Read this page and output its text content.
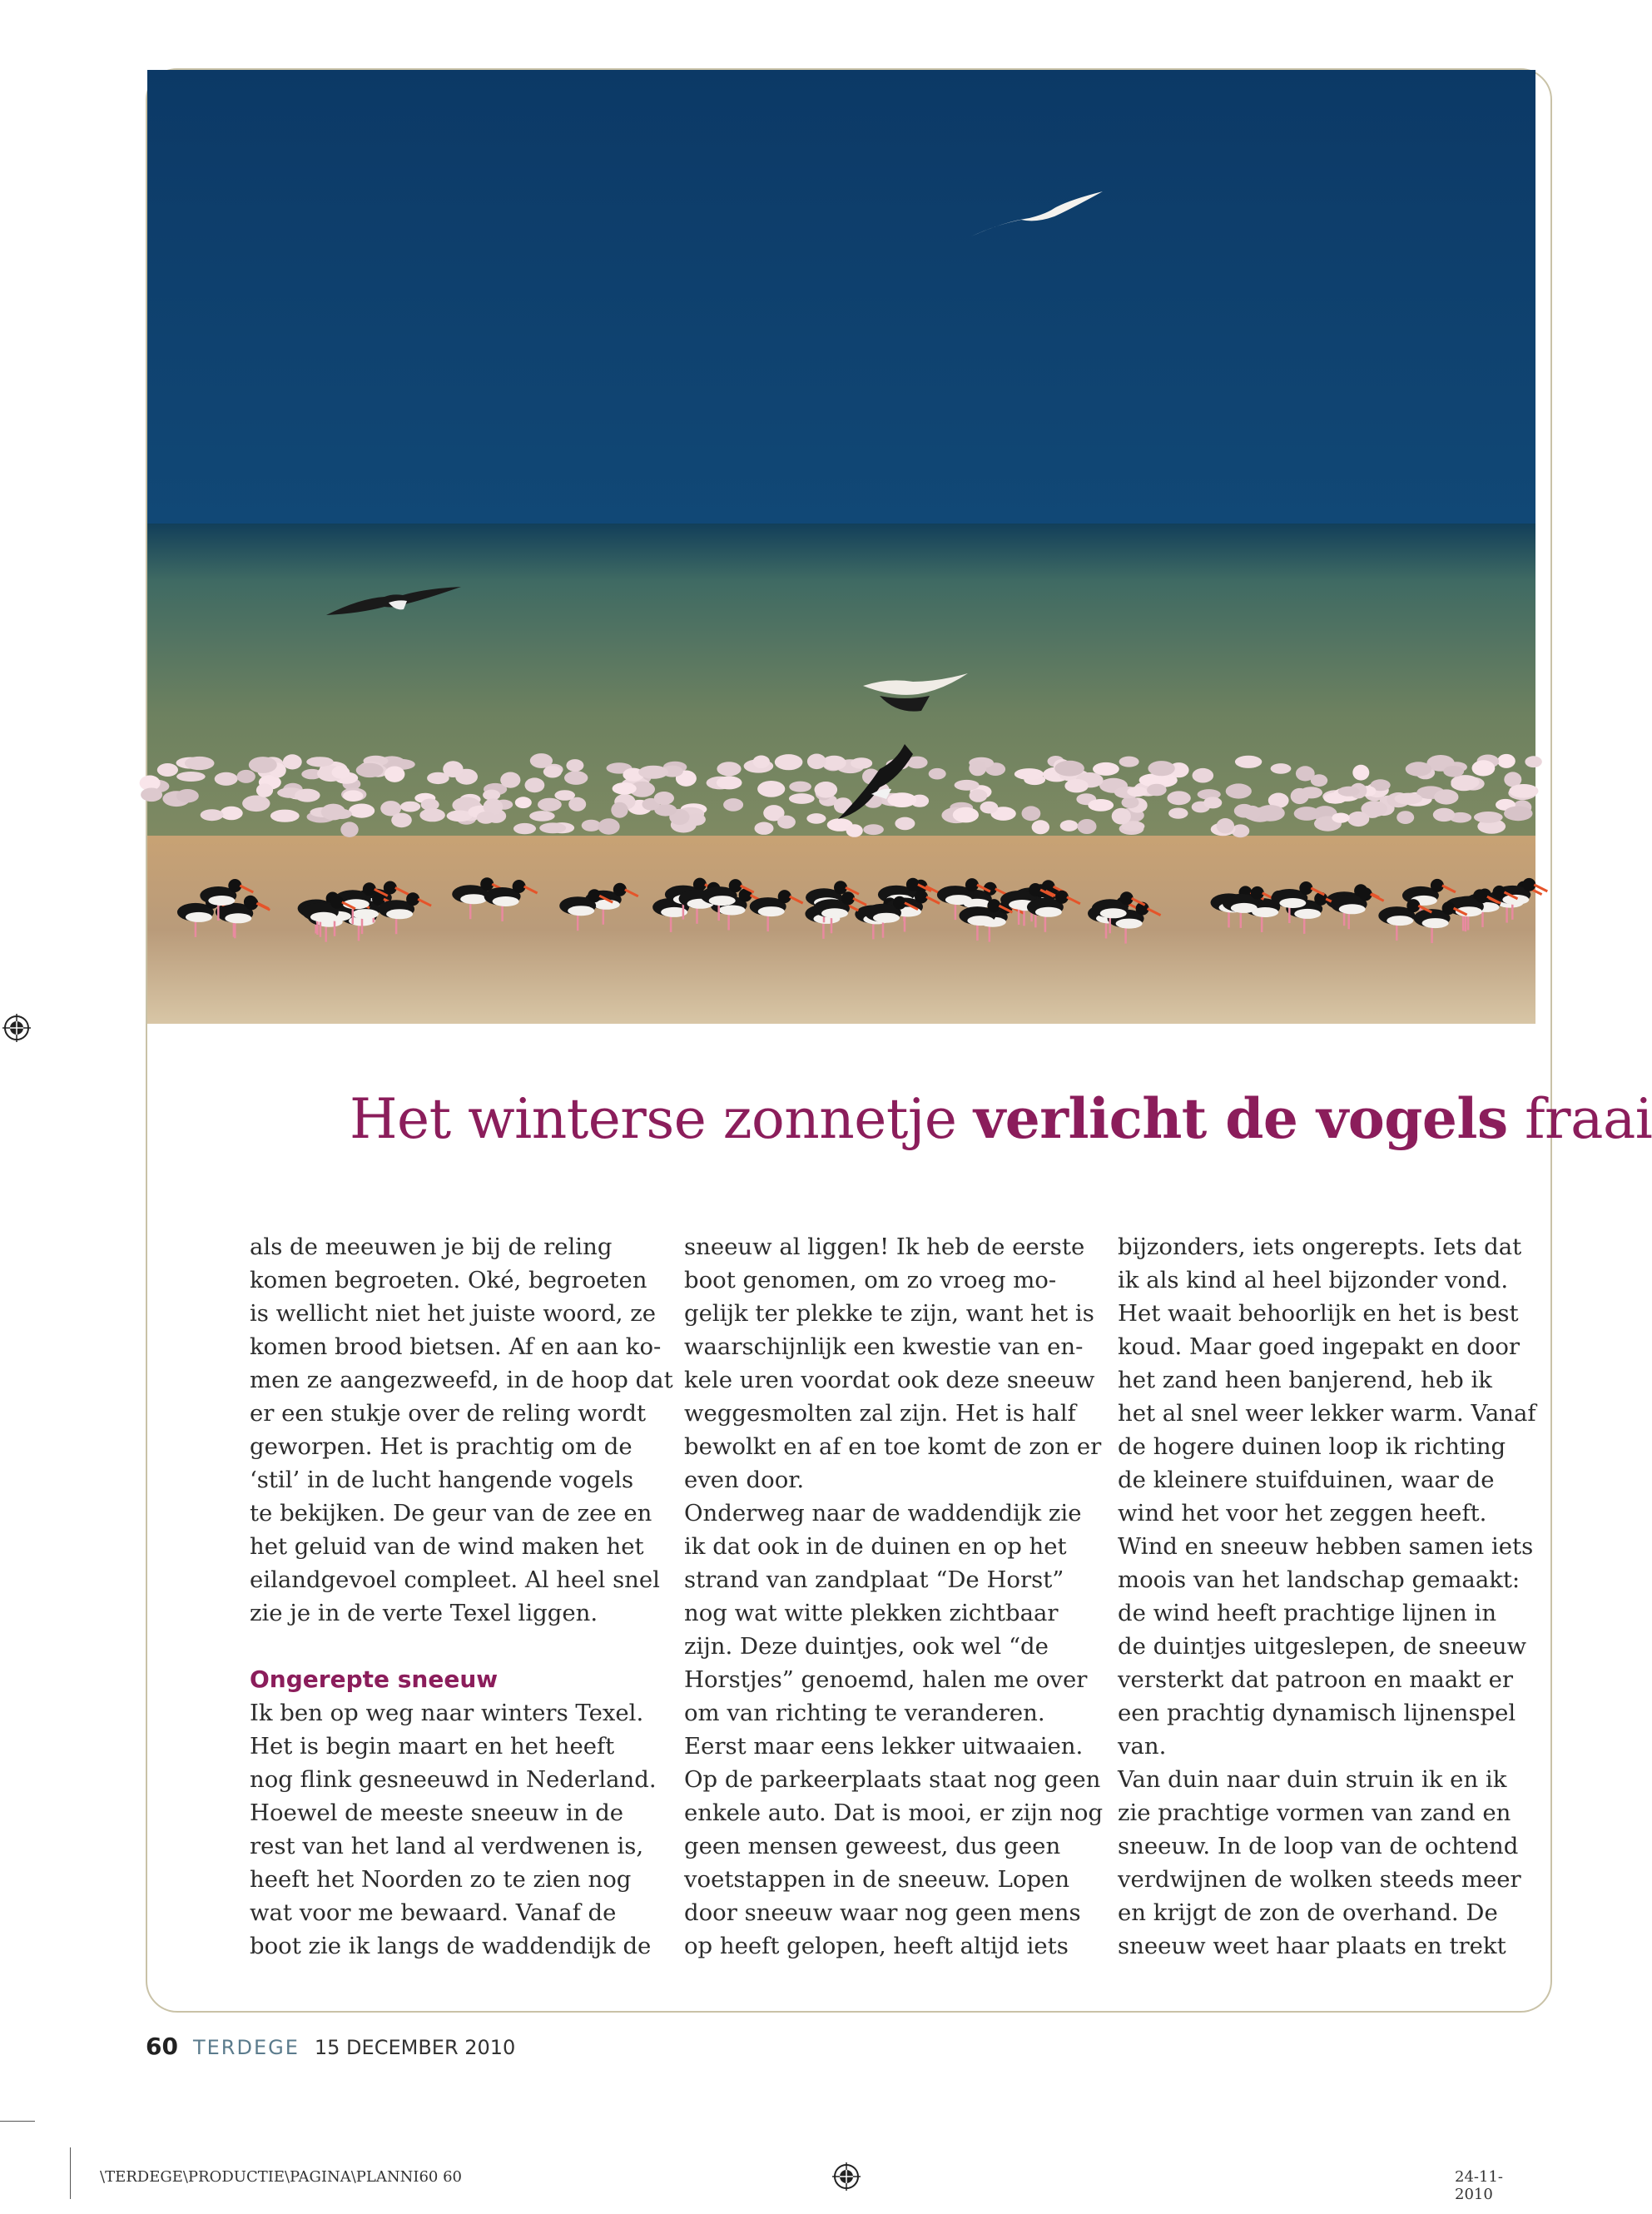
Het winterse zonnetje verlicht de vogels fraai
als de meeuwen je bij de reling
komen begroeten. Oké, begroeten
is wellicht niet het juiste woord, ze
komen brood bietsen. Af en aan ko-
men ze aangezweefd, in de hoop dat
er een stukje over de reling wordt
geworpen. Het is prachtig om de
‘stil’ in de lucht hangende vogels
te bekijken. De geur van de zee en
het geluid van de wind maken het
eilandgevoel compleet. Al heel snel
zie je in de verte Texel liggen.
Ongerepte sneeuw
Ik ben op weg naar winters Texel.
Het is begin maart en het heeft
nog flink gesneeuwd in Nederland.
Hoewel de meeste sneeuw in de
rest van het land al verdwenen is,
heeft het Noorden zo te zien nog
wat voor me bewaard. Vanaf de
boot zie ik langs de waddendijk de
sneeuw al liggen! Ik heb de eerste
boot genomen, om zo vroeg mo-
gelijk ter plekke te zijn, want het is
waarschijnlijk een kwestie van en-
kele uren voordat ook deze sneeuw
weggesmolten zal zijn. Het is half
bewolkt en af en toe komt de zon er
even door.
Onderweg naar de waddendijk zie
ik dat ook in de duinen en op het
strand van zandplaat “De Horst”
nog wat witte plekken zichtbaar
zijn. Deze duintjes, ook wel “de
Horstjes” genoemd, halen me over
om van richting te veranderen.
Eerst maar eens lekker uitwaaien.
Op de parkeerplaats staat nog geen
enkele auto. Dat is mooi, er zijn nog
geen mensen geweest, dus geen
voetstappen in de sneeuw. Lopen
door sneeuw waar nog geen mens
op heeft gelopen, heeft altijd iets
bijzonders, iets ongerepts. Iets dat
ik als kind al heel bijzonder vond.
Het waait behoorlijk en het is best
koud. Maar goed ingepakt en door
het zand heen banjerend, heb ik
het al snel weer lekker warm. Vanaf
de hogere duinen loop ik richting
de kleinere stuifduinen, waar de
wind het voor het zeggen heeft.
Wind en sneeuw hebben samen iets
moois van het landschap gemaakt:
de wind heeft prachtige lijnen in
de duintjes uitgeslepen, de sneeuw
versterkt dat patroon en maakt er
een prachtig dynamisch lijnenspel
van.
Van duin naar duin struin ik en ik
zie prachtige vormen van zand en
sneeuw. In de loop van de ochtend
verdwijnen de wolken steeds meer
en krijgt de zon de overhand. De
sneeuw weet haar plaats en trekt
60 TERDEGE 15 DECEMBER 2010
\TERDEGE\PRODUCTIE\PAGINA\PLANNI60 60	24-11-2010
